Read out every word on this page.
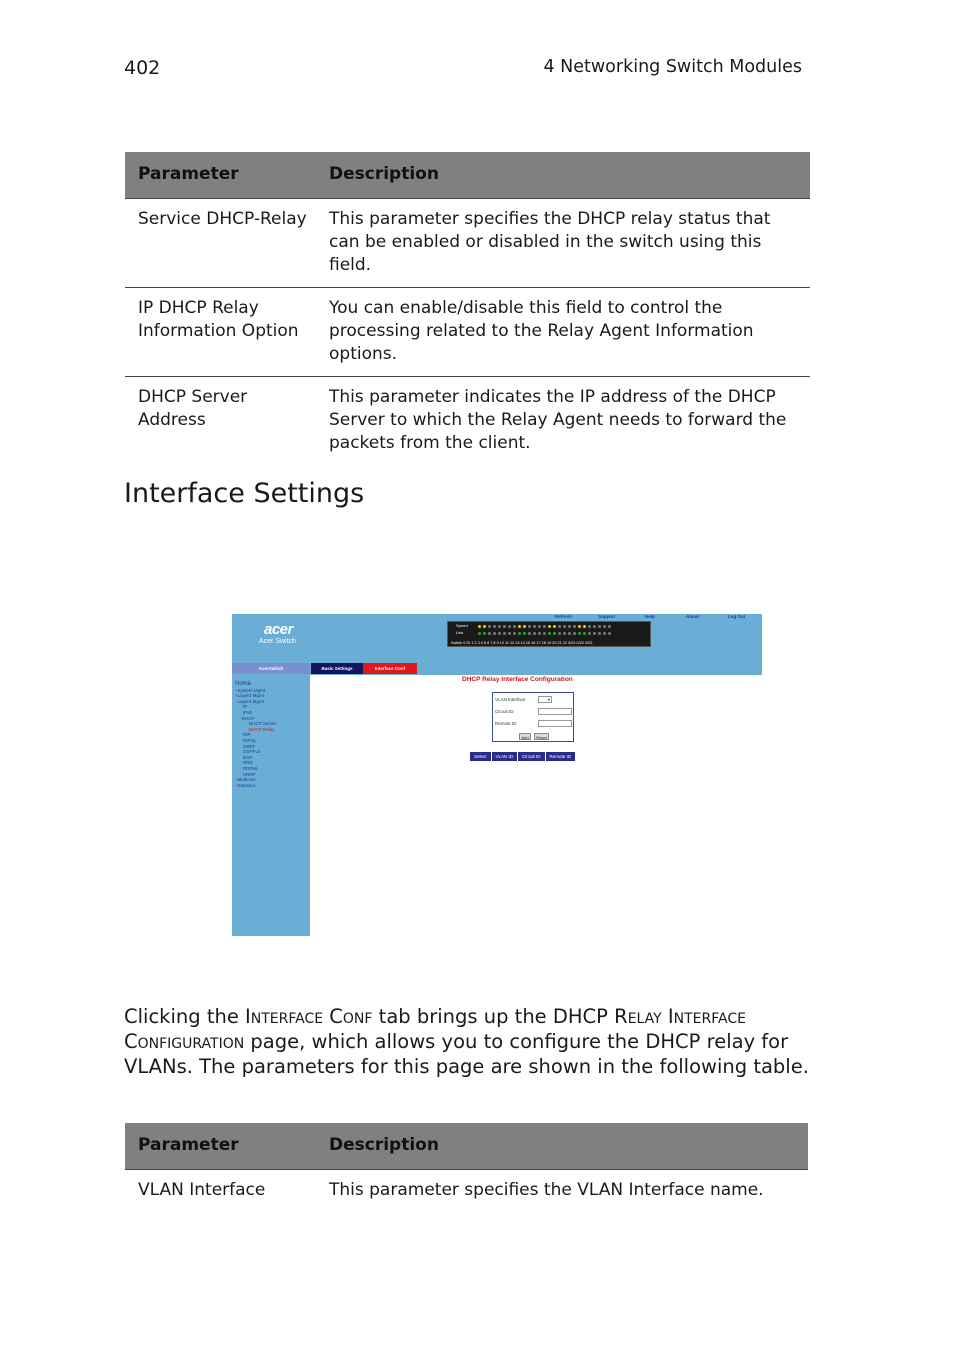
402	4 Networking Switch Modules
Parameter	Description
Service DHCP-Relay	This parameter specifies the DHCP relay status that can be enabled or disabled in the switch using this field.
IP DHCP Relay Information Option	You can enable/disable this field to control the processing related to the Relay Agent Information options.
DHCP Server Address	This parameter indicates the IP address of the DHCP Server to which the Relay Agent needs to forward the packets from the client.
Interface Settings
acer
Acer Switch
Refresh	Support	Help	About	Log Out
Speed
Link
Switch 0 Gi 1 2 3 4 5 6 7 8 9 10 11 12 13 14 15 16 17 18 19 20 21 22 0/21 0/22 0/23
AcerSwitch
Home
+System Mgmt
+Layer2 Mgmt
−Layer3 Mgmt
IP
IPv6
−DHCP
DHCP Server
DHCP Relay
RIP
RIPng
OSPF
OSPFv3
BGP
RRD
RRDv6
VRRP
+Multicast
+Statistics
Basic Settings	Interface Conf
DHCP Relay Interface Configuration
VLAN Interface	▾
Circuit ID
Remote ID
Add	Reset
Select	VLAN ID	Circuit ID	Remote ID

Clicking the Interface Conf tab brings up the DHCP Relay Interface Configuration page, which allows you to configure the DHCP relay for VLANs. The parameters for this page are shown in the following table.

Parameter	Description
VLAN Interface	This parameter specifies the VLAN Interface name.
